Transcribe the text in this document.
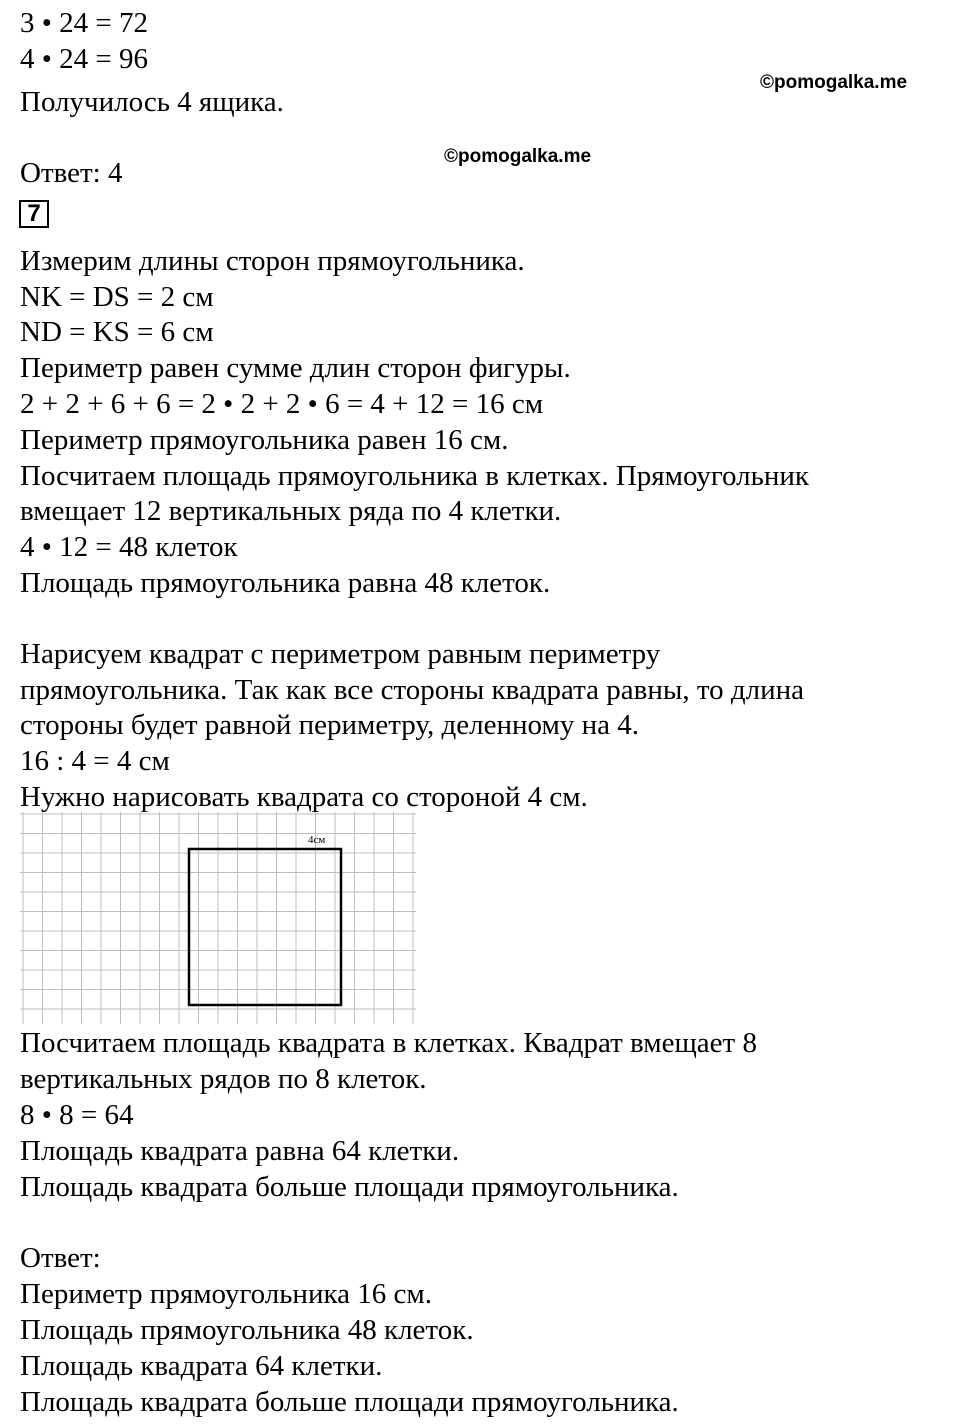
©pomogalka.me
©pomogalka.me

3 • 24 = 72

4 • 24 = 96

Получилось 4 ящика.

Ответ: 4

7

Измерим длины сторон прямоугольника.

NK = DS = 2 см

ND = KS = 6 см

Периметр равен сумме длин сторон фигуры.

2 + 2 + 6 + 6 = 2 • 2 + 2 • 6 = 4 + 12 = 16 см

Периметр прямоугольника равен 16 см.

Посчитаем площадь прямоугольника в клетках. Прямоугольник

вмещает 12 вертикальных ряда по 4 клетки.

4 • 12 = 48 клеток

Площадь прямоугольника равна 48 клеток.

Нарисуем квадрат с периметром равным периметру

прямоугольника. Так как все стороны квадрата равны, то длина

стороны будет равной периметру, деленному на 4.

16 : 4 = 4 см

Нужно нарисовать квадрата со стороной 4 см.

4см

Посчитаем площадь квадрата в клетках. Квадрат вмещает 8

вертикальных рядов по 8 клеток.

8 • 8 = 64

Площадь квадрата равна 64 клетки.

Площадь квадрата больше площади прямоугольника.

Ответ:

Периметр прямоугольника 16 см.

Площадь прямоугольника 48 клеток.

Площадь квадрата 64 клетки.

Площадь квадрата больше площади прямоугольника.
